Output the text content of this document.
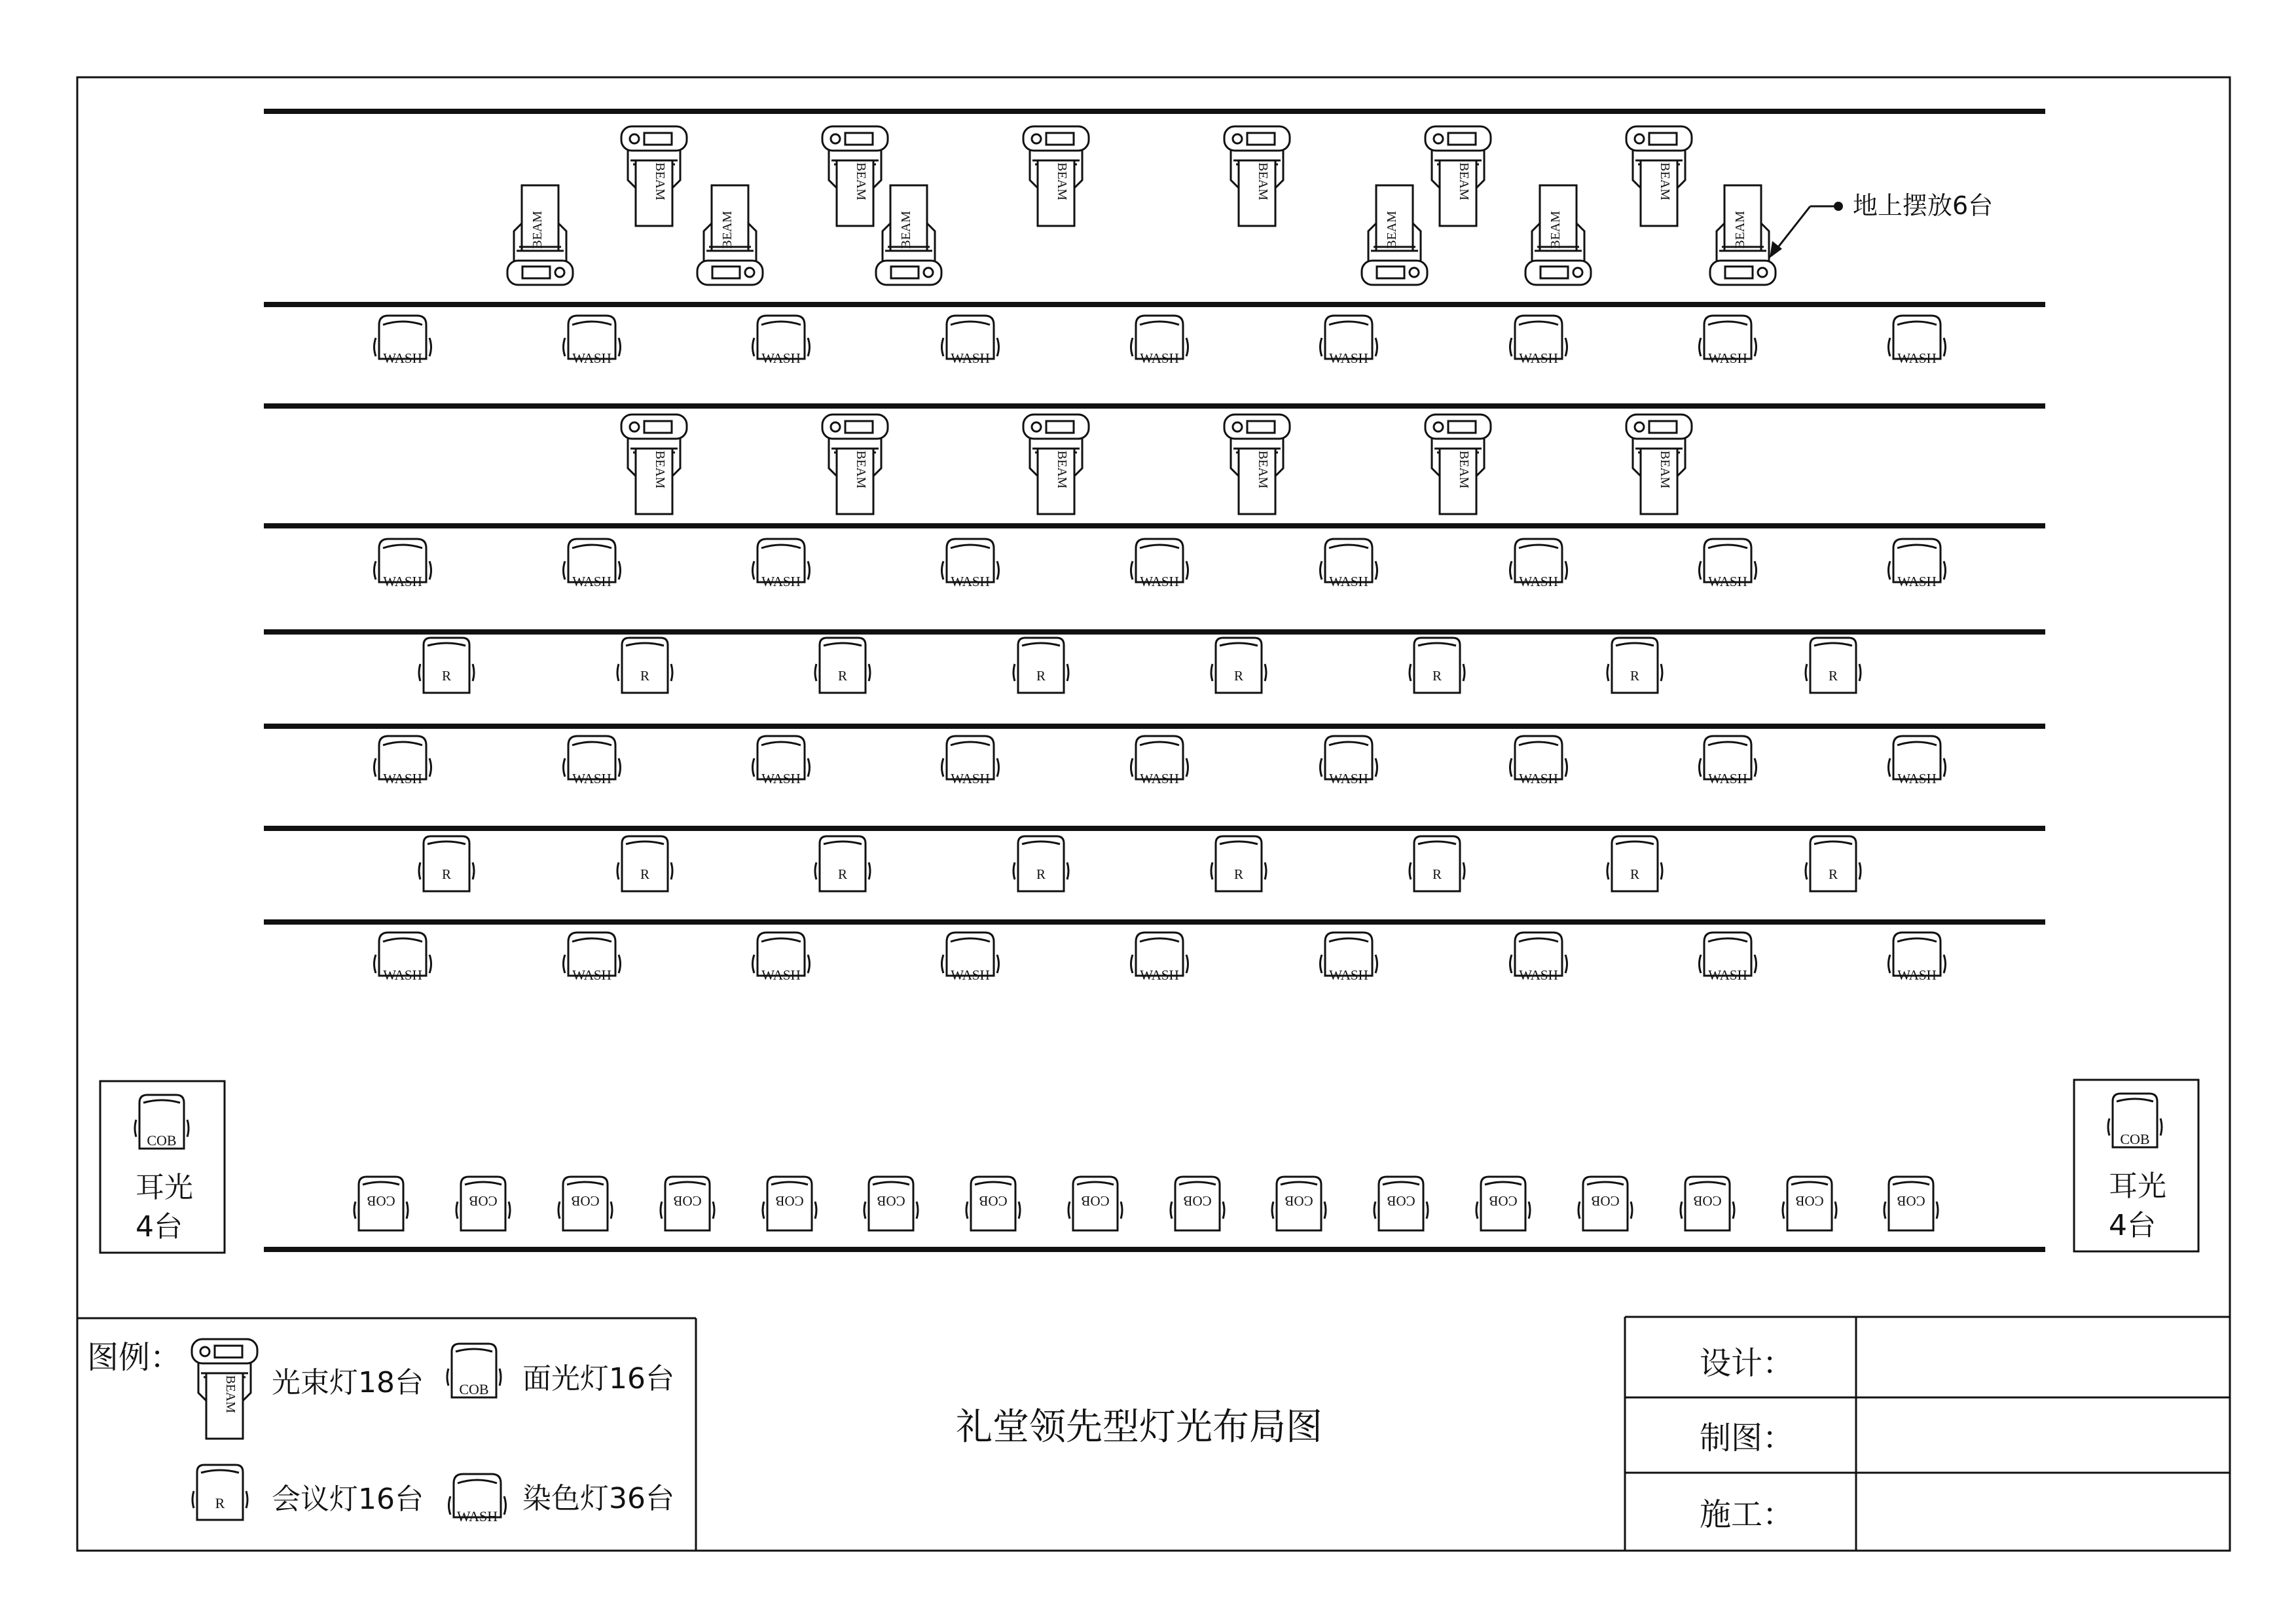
BEAM
BEAM
BEAM
BEAM
BEAM
BEAM
BEAM
BEAM
BEAM
BEAM
BEAM
BEAM
BEAM	BEAM	BEAM	BEAM	BEAM	BEAM
WASH	WASH	WASH	WASH	WASH	WASH	WASH	WASH	WASH
WASH	WASH	WASH	WASH	WASH	WASH	WASH	WASH	WASH
WASH	WASH	WASH	WASH	WASH	WASH	WASH	WASH	WASH
WASH	WASH	WASH	WASH	WASH	WASH	WASH	WASH	WASH
R	R	R	R	R	R	R	R
R	R	R	R	R	R	R	R
COB	COB	COB	COB	COB	COB	COB	COB	COB	COB	COB	COB	COB	COB	COB	COB
地上摆放6台
COB
耳光
4台
COB
耳光
4台
图例：
BEAM 光束灯18台 COB 面光灯16台
R 会议灯16台
WASH
染色灯36台
礼堂领先型灯光布局图
设计：
制图：
施工：
